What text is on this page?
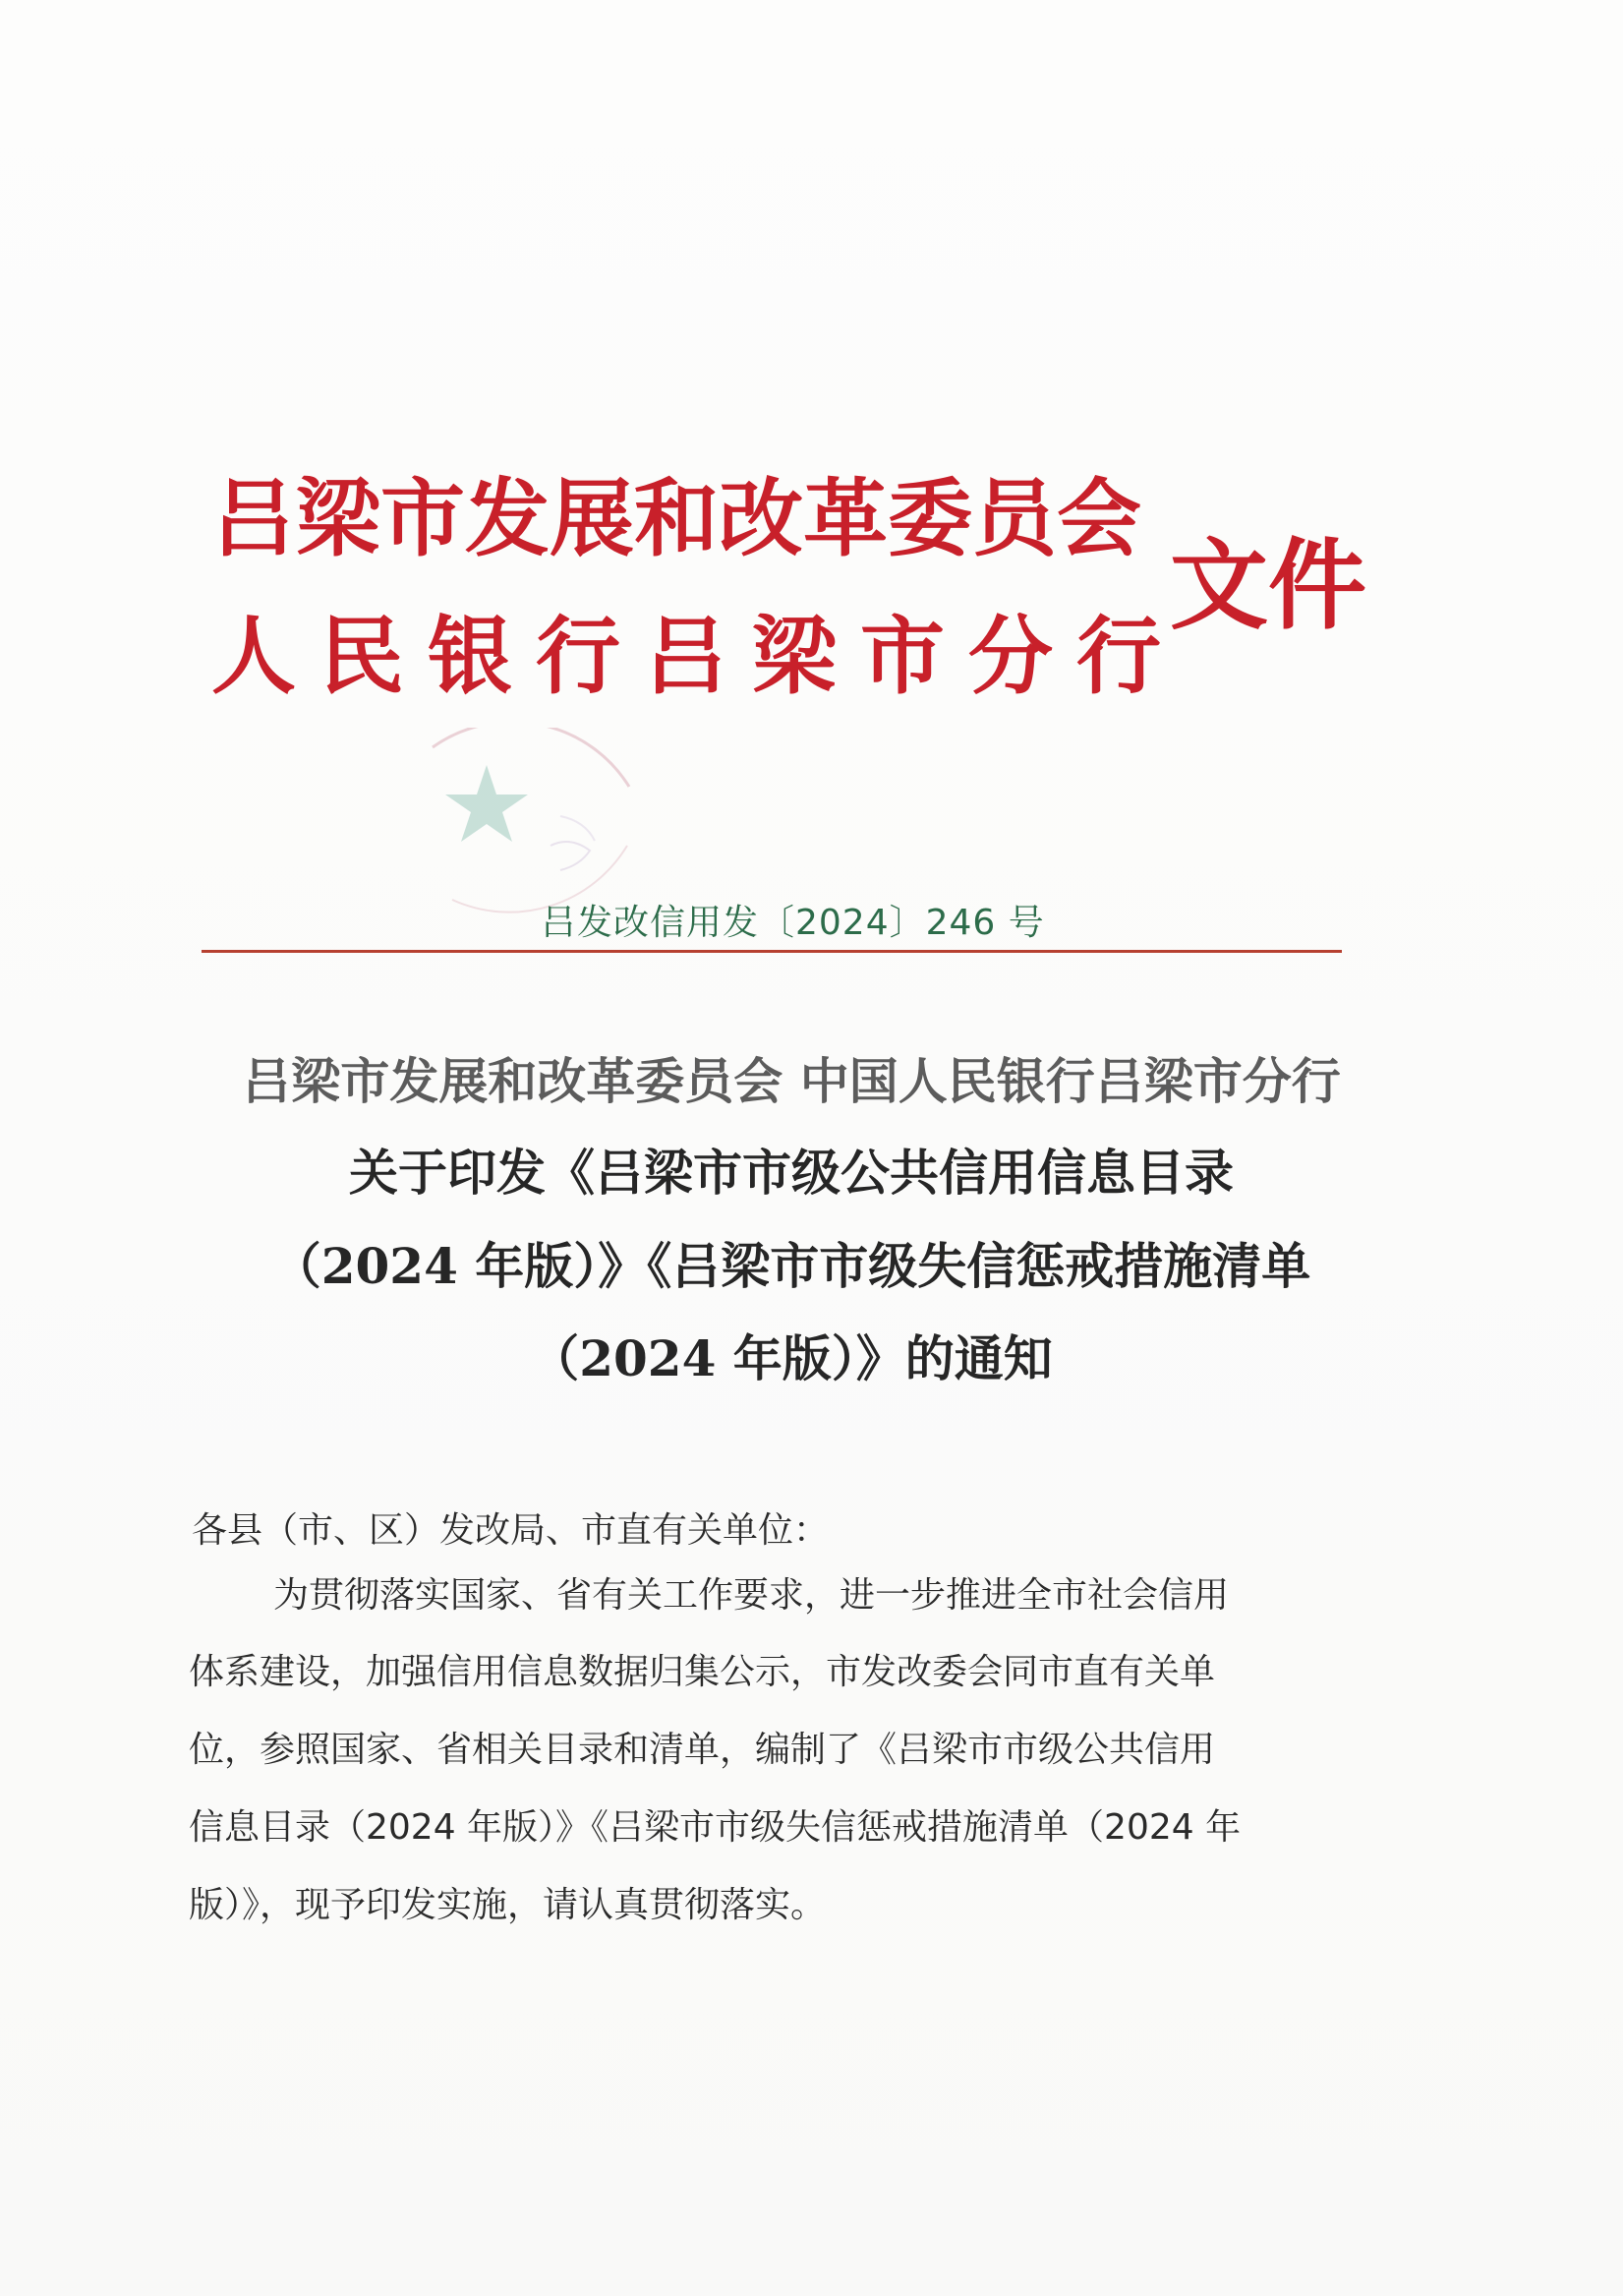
吕梁市发展和改革委员会
人民银行吕梁市分行
文件
吕发改信用发〔2024〕246 号
吕梁市发展和改革委员会 中国人民银行吕梁市分行
关于印发《吕梁市市级公共信用信息目录
（2024 年版）》《吕梁市市级失信惩戒措施清单
（2024 年版）》的通知
各县（市、区）发改局、市直有关单位：
为贯彻落实国家、省有关工作要求，进一步推进全市社会信用
体系建设，加强信用信息数据归集公示，市发改委会同市直有关单
位，参照国家、省相关目录和清单，编制了《吕梁市市级公共信用
信息目录（2024 年版）》《吕梁市市级失信惩戒措施清单（2024 年
版）》，现予印发实施，请认真贯彻落实。
